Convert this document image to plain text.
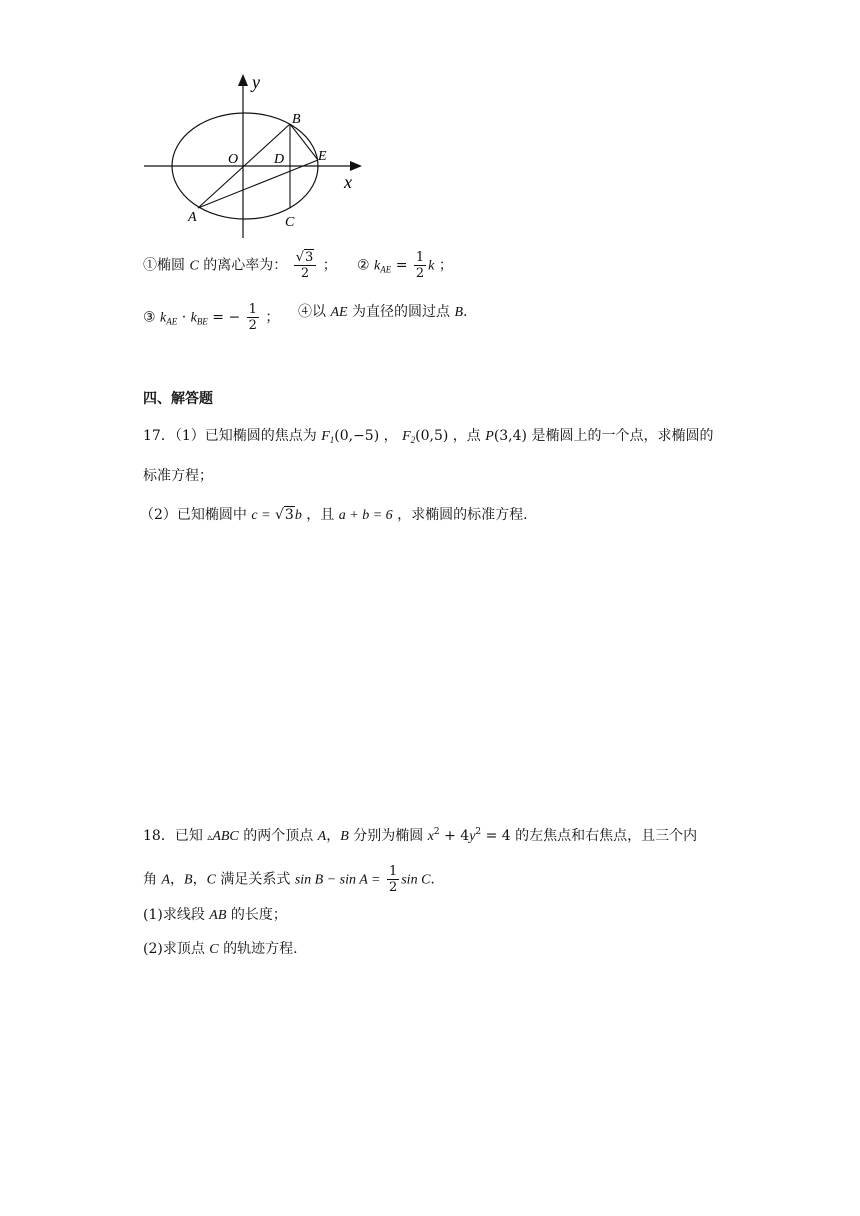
y
x
O
B
D E
A	C
①椭圆 C 的离心率为： $\frac{√3}{2}$ ； ② $k_{AE} = \frac{1}{2}$ k ；
③ $k_{AE} \cdot k_{BE}$ = − $\frac{1}{2}$ ； ④以 AE 为直径的圆过点 B.
四、解答题
17．（1）已知椭圆的焦点为 $F_1(0,-5)$ ， $F_2(0,5)$ ，点 P(3,4) 是椭圆上的一个点，求椭圆的
标准方程；
（2）已知椭圆中 c = √3b ，且 a + b = 6 ，求椭圆的标准方程.
18．已知 ▵ABC 的两个顶点 A，B 分别为椭圆 $x^2 + 4y^2 = 4$ 的左焦点和右焦点，且三个内
角 A，B，C 满足关系式 $\sin B - \sin A = \frac{1}{2}$ sin C.
(1)求线段 AB 的长度；
(2)求顶点 C 的轨迹方程.
